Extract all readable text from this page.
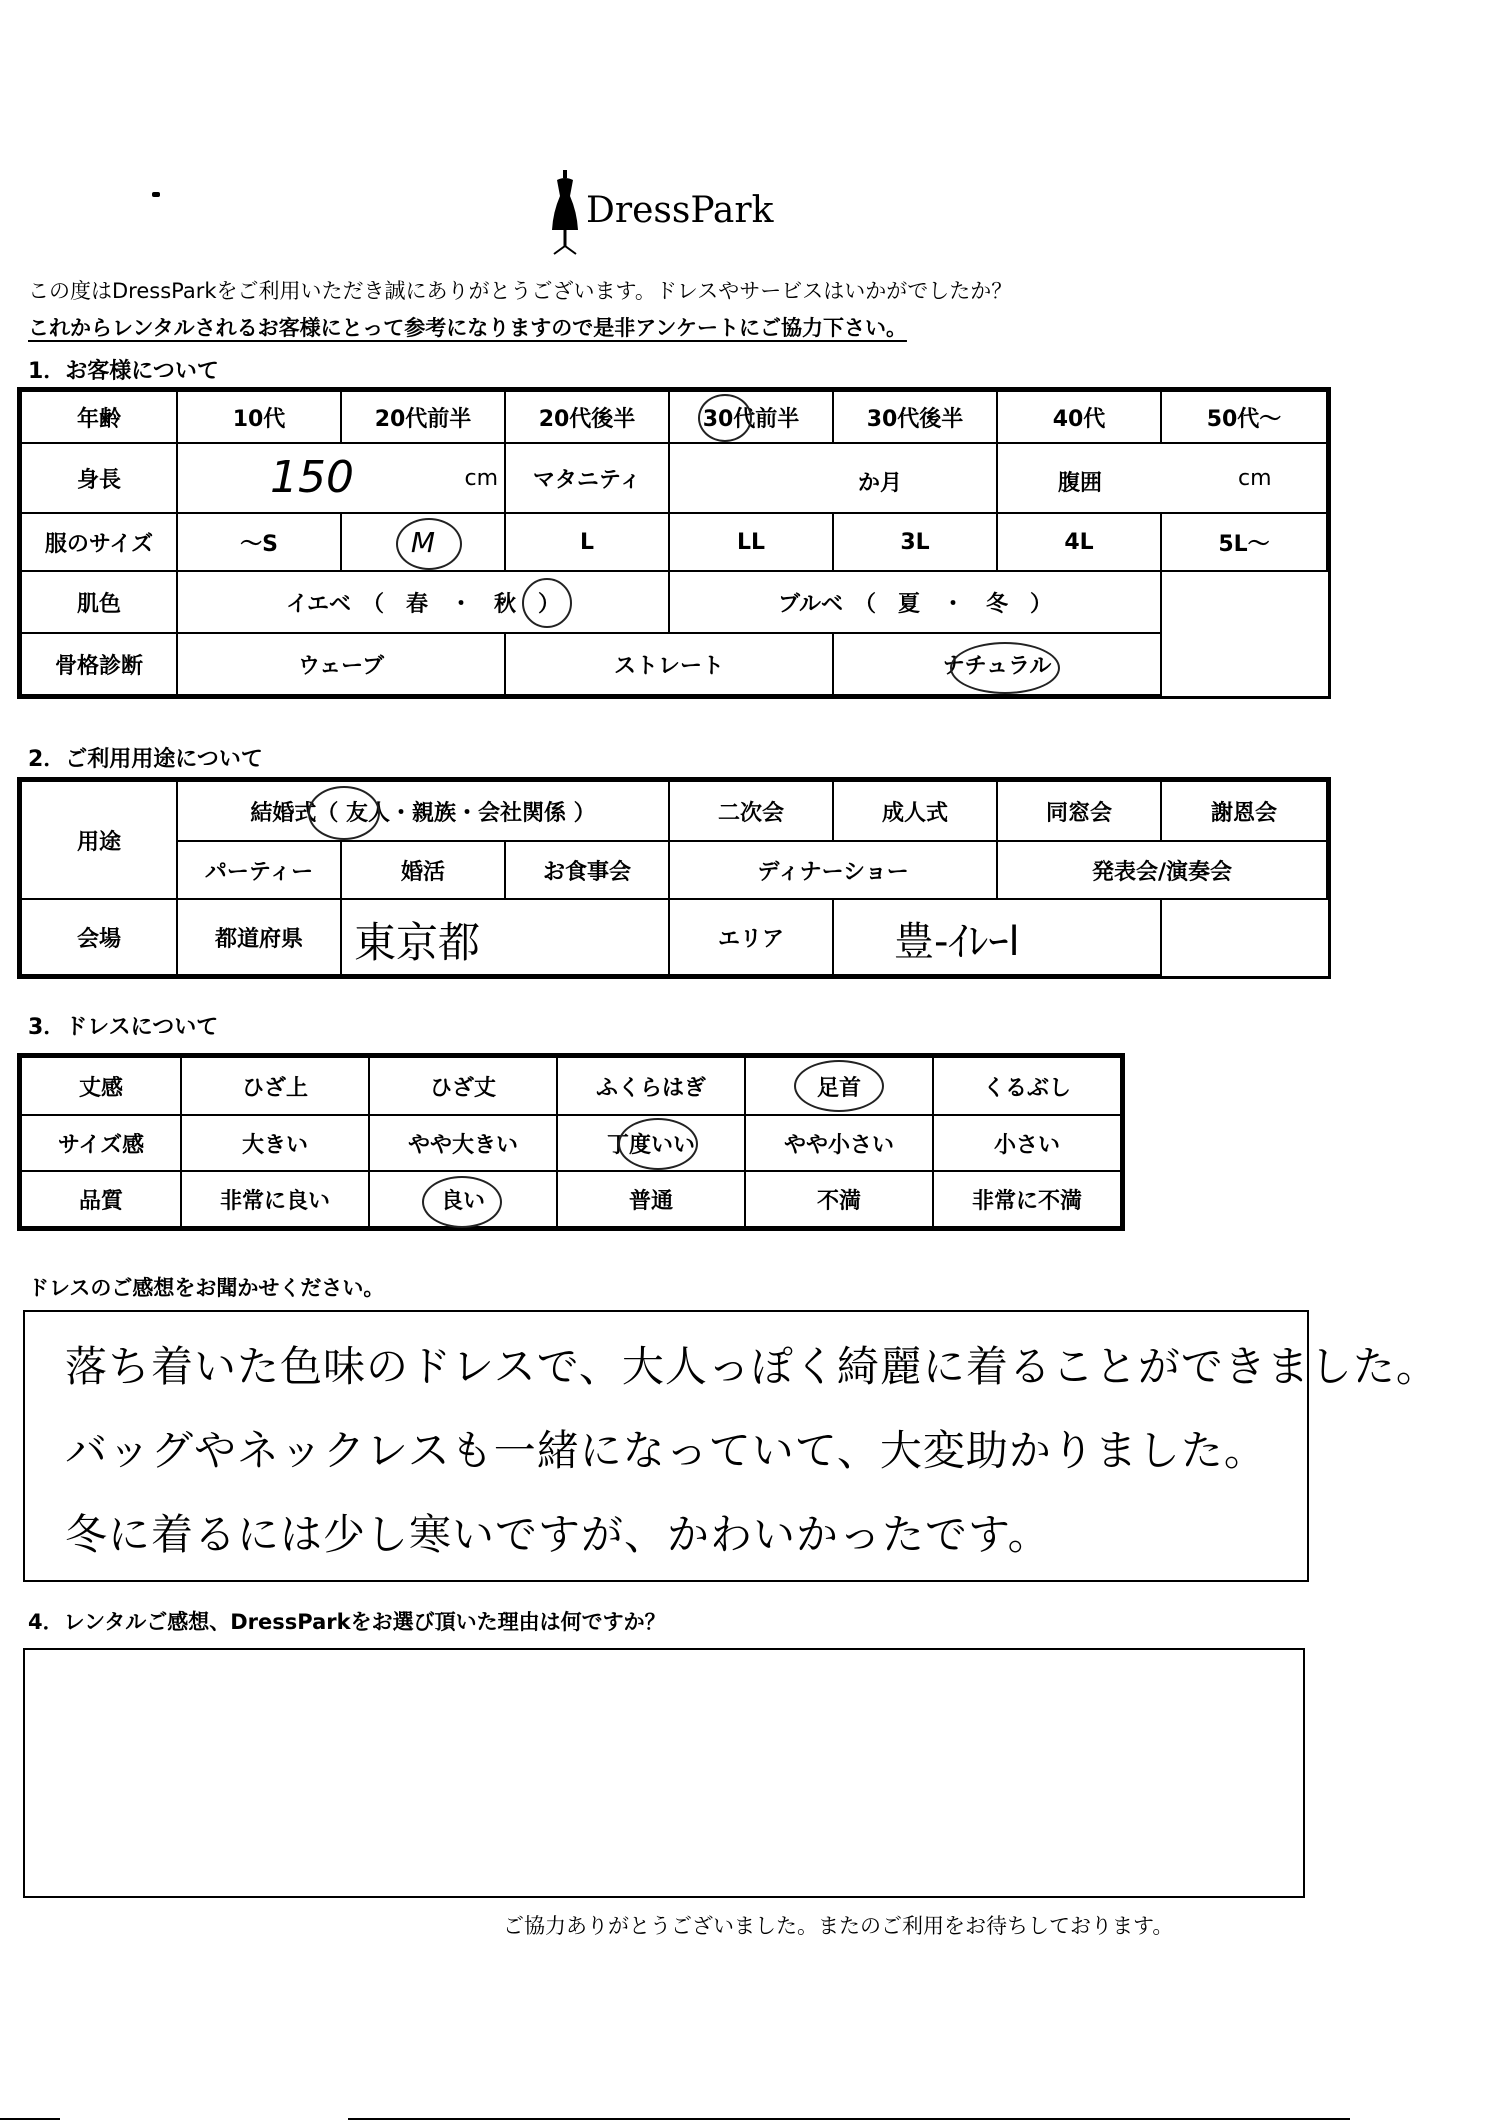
DressPark
この度はDressParkをご利用いただき誠にありがとうございます。ドレスやサービスはいかがでしたか？
これからレンタルされるお客様にとって参考になりますので是非アンケートにご協力下さい。
1．お客様について
年齢	10代	20代前半	20代後半	30代前半	30代後半	40代	50代～
身長	150 cm		マタニティ	か月		腹囲 cm	

服のサイズ	～S	M	L	LL	3L	4L	5L～
肌色	イエベ　（　春　・　秋　）			ブルベ　（　夏　・　冬　）			
骨格診断	ウェーブ		ストレート		ナチュラル	

2．ご利用用途について
用途	結婚式（ 友人・親族・会社関係 ）			二次会	成人式	同窓会	謝恩会
	パーティー	婚活	お食事会	ディナーショー		発表会/演奏会	
会場	都道府県	東京都		エリア	豊-ｲﾚｰl		

3．ドレスについて
丈感	ひざ上	ひざ丈	ふくらはぎ	足首	くるぶし
サイズ感	大きい	やや大きい	丁度いい	やや小さい	小さい
品質	非常に良い	良い	普通	不満	非常に不満
ドレスのご感想をお聞かせください。
落ち着いた色味のドレスで、大人っぽく綺麗に着ることができました。
バッグやネックレスも一緒になっていて、大変助かりました。
冬に着るには少し寒いですが、かわいかったです。
4．レンタルご感想、DressParkをお選び頂いた理由は何ですか？
ご協力ありがとうございました。またのご利用をお待ちしております。
